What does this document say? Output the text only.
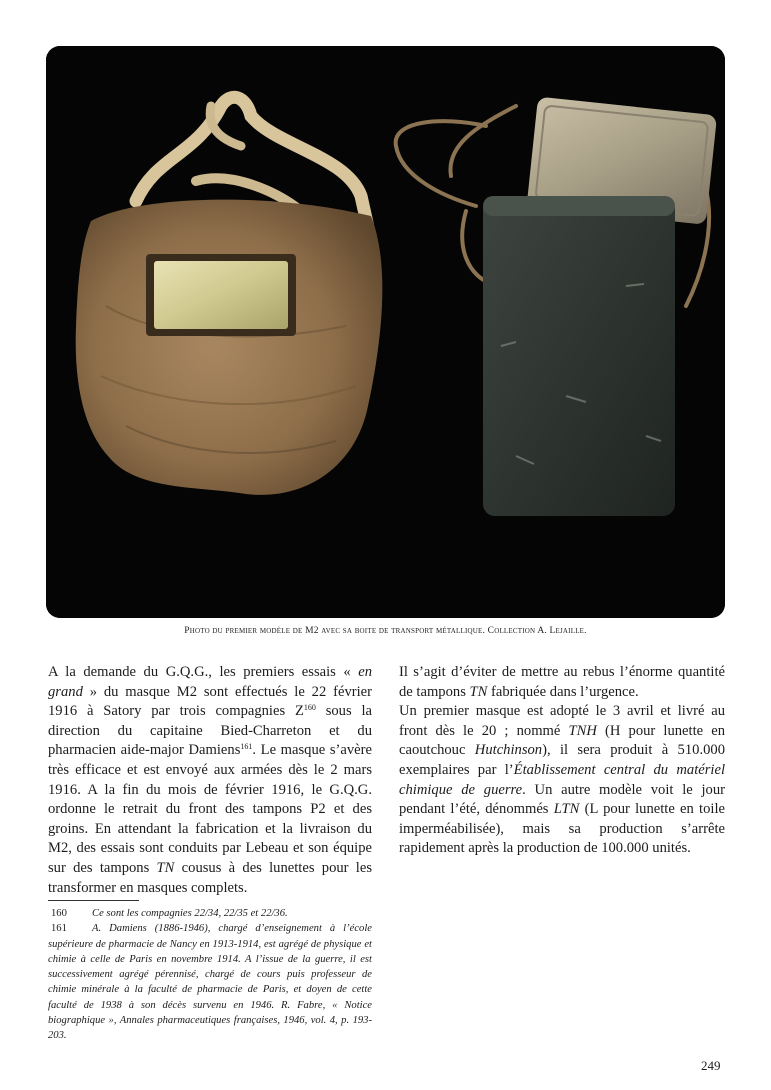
Photo du premier modèle de M2 avec sa boite de transport métallique. Collection A. Lejaille.

A la demande du G.Q.G., les premiers essais « en grand » du masque M2 sont effectués le 22 février 1916 à Satory par trois compagnies $Z^{160}$ sous la direction du capitaine Bied-Charreton et du pharmacien aide-major Damiens$^{161}$. Le masque s’avère très efficace et est envoyé aux armées dès le 2 mars 1916. A la fin du mois de février 1916, le G.Q.G. ordonne le retrait du front des tampons P2 et des groins. En attendant la fabrication et la livraison du M2, des essais sont conduits par Lebeau et son équipe sur des tampons TN cousus à des lunettes pour les transformer en masques complets.

Il s’agit d’éviter de mettre au rebus l’énorme quantité de tampons TN fabriquée dans l’urgence.

Un premier masque est adopté le 3 avril et livré au front dès le 20 ; nommé TNH (H pour lunette en caoutchouc Hutchinson), il sera produit à 510.000 exemplaires par l’Établissement central du matériel chimique de guerre. Un autre modèle voit le jour pendant l’été, dénommés LTN (L pour lunette en toile imperméabilisée), mais sa production s’arrête rapidement après la production de 100.000 unités.

160 Ce sont les compagnies 22/34, 22/35 et 22/36.

161 A. Damiens (1886-1946), chargé d’enseignement à l’école supérieure de pharmacie de Nancy en 1913-1914, est agrégé de physique et chimie à celle de Paris en novembre 1914. A l’issue de la guerre, il est successivement agrégé pérennisé, chargé de cours puis professeur de chimie minérale à la faculté de pharmacie de Paris, et doyen de cette faculté de 1938 à son décès survenu en 1946. R. Fabre, « Notice biographique », Annales pharmaceutiques françaises, 1946, vol. 4, p. 193-203.

249
